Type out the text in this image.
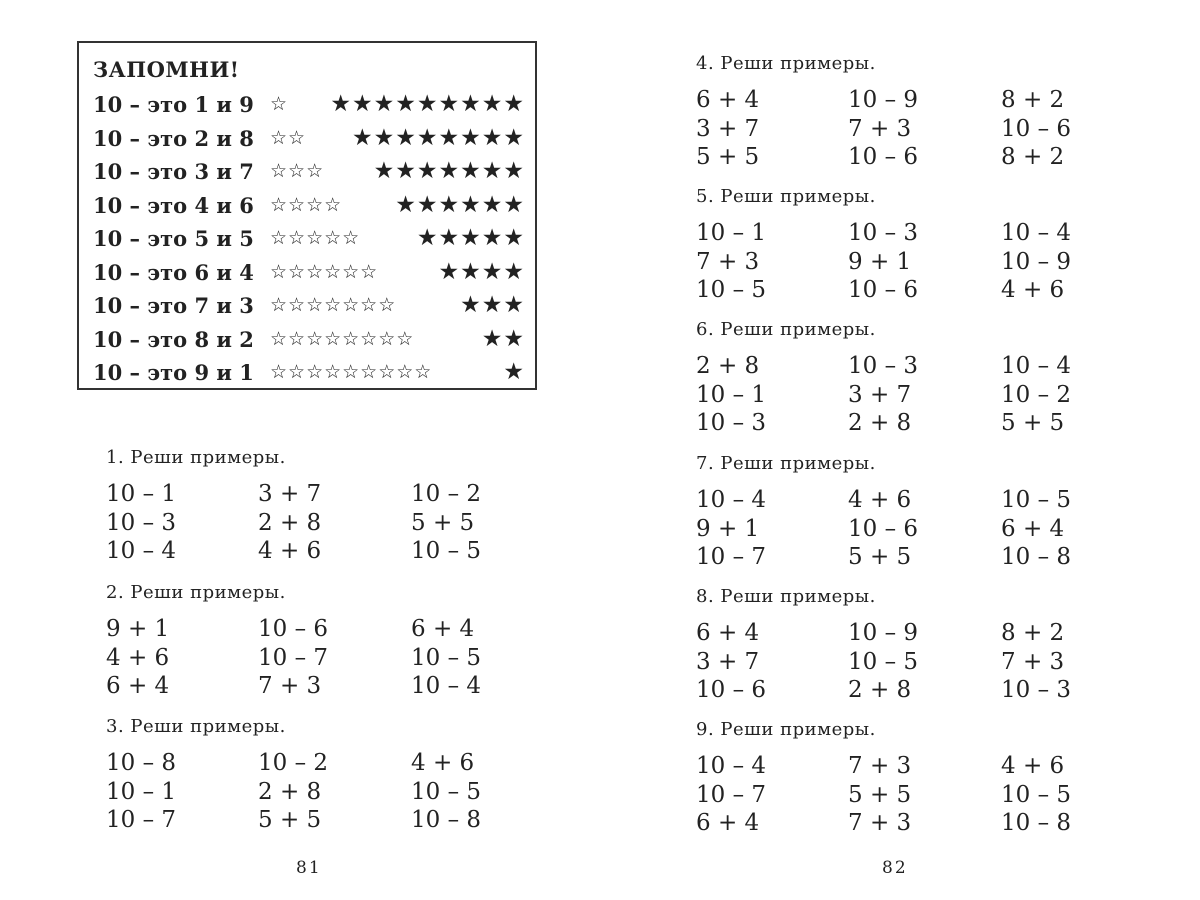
ЗАПОМНИ!
10 – это 1 и 9 ☆ ★★★★★★★★★
10 – это 2 и 8 ☆☆ ★★★★★★★★
10 – это 3 и 7 ☆☆☆ ★★★★★★★
10 – это 4 и 6 ☆☆☆☆ ★★★★★★
10 – это 5 и 5 ☆☆☆☆☆ ★★★★★
10 – это 6 и 4 ☆☆☆☆☆☆	★★★★
10 – это 7 и 3 ☆☆☆☆☆☆☆	★★★
10 – это 8 и 2 ☆☆☆☆☆☆☆☆	★★
10 – это 9 и 1 ☆☆☆☆☆☆☆☆☆	★
1. Реши примеры.
10 – 1	3 + 7	10 – 2
10 – 3	2 + 8	5 + 5
10 – 4	4 + 6	10 – 5
2. Реши примеры.
9 + 1	10 – 6	6 + 4
4 + 6	10 – 7	10 – 5
6 + 4	7 + 3	10 – 4
3. Реши примеры.
10 – 8	10 – 2	4 + 6
10 – 1	2 + 8	10 – 5
10 – 7	5 + 5	10 – 8
4. Реши примеры.
6 + 4	10 – 9	8 + 2
3 + 7	7 + 3	10 – 6
5 + 5	10 – 6	8 + 2
5. Реши примеры.
10 – 1	10 – 3	10 – 4
7 + 3	9 + 1	10 – 9
10 – 5	10 – 6	4 + 6
6. Реши примеры.
2 + 8	10 – 3	10 – 4
10 – 1	3 + 7	10 – 2
10 – 3	2 + 8	5 + 5
7. Реши примеры.
10 – 4	4 + 6	10 – 5
9 + 1	10 – 6	6 + 4
10 – 7	5 + 5	10 – 8
8. Реши примеры.
6 + 4	10 – 9	8 + 2
3 + 7	10 – 5	7 + 3
10 – 6	2 + 8	10 – 3
9. Реши примеры.
10 – 4	7 + 3	4 + 6
10 – 7	5 + 5	10 – 5
6 + 4	7 + 3	10 – 8
81	82
